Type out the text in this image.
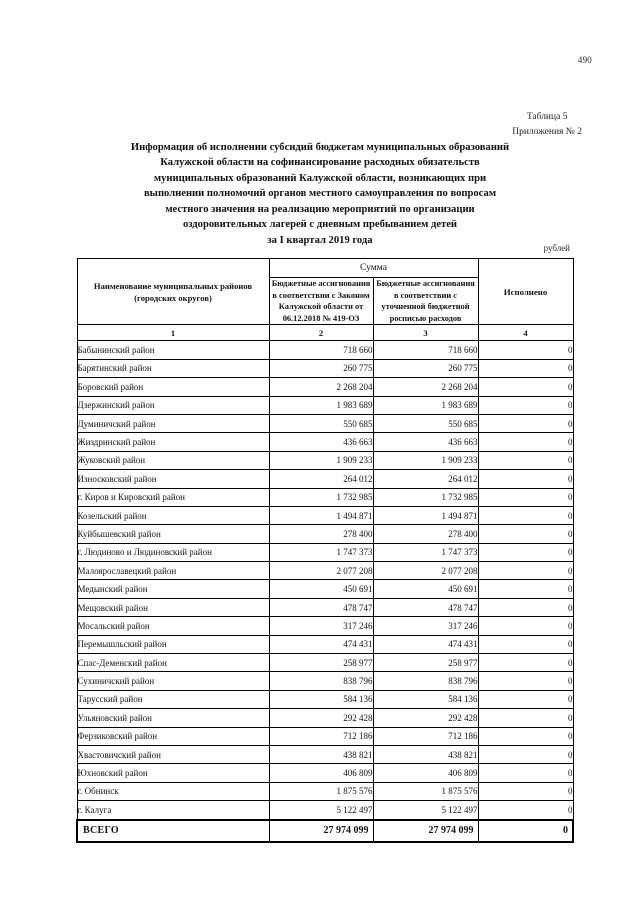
490
Таблица 5
Приложения № 2
Информация об исполнении субсидий бюджетам муниципальных образований
Калужской области на софинансирование расходных обязательств
муниципальных образований Калужской области, возникающих при
выполнении полномочий органов местного самоуправления по вопросам
местного значения на реализацию мероприятий по организации
оздоровительных лагерей с дневным пребыванием детей
за I квартал 2019 года
рублей
Наименование муниципальных районов
(городских округов)	Сумма		Исполнено
	Бюджетные ассигнования в соответствии с Законом Калужской области от 06.12.2018 № 419-ОЗ	Бюджетные ассигнования в соответствии с уточненной бюджетной росписью расходов	
1	2	3	4
Бабынинский район	718 660	718 660	0
Барятинский район	260 775	260 775	0
Боровский район	2 268 204	2 268 204	0
Дзержинский район	1 983 689	1 983 689	0
Думиничский район	550 685	550 685	0
Жиздринский район	436 663	436 663	0
Жуковский район	1 909 233	1 909 233	0
Износковский район	264 012	264 012	0
г. Киров и Кировский район	1 732 985	1 732 985	0
Козельский район	1 494 871	1 494 871	0
Куйбышевский район	278 400	278 400	0
г. Людиново и Людиновский район	1 747 373	1 747 373	0
Малоярославецкий район	2 077 208	2 077 208	0
Медынский район	450 691	450 691	0
Мещовский район	478 747	478 747	0
Мосальский район	317 246	317 246	0
Перемышльский район	474 431	474 431	0
Спас-Деменский район	258 977	258 977	0
Сухиничский район	838 796	838 796	0
Тарусский район	584 136	584 136	0
Ульяновский район	292 428	292 428	0
Ферзиковский район	712 186	712 186	0
Хвастовичский район	438 821	438 821	0
Юхновский район	406 809	406 809	0
г. Обнинск	1 875 576	1 875 576	0
г. Калуга	5 122 497	5 122 497	0
ВСЕГО	27 974 099	27 974 099	0
